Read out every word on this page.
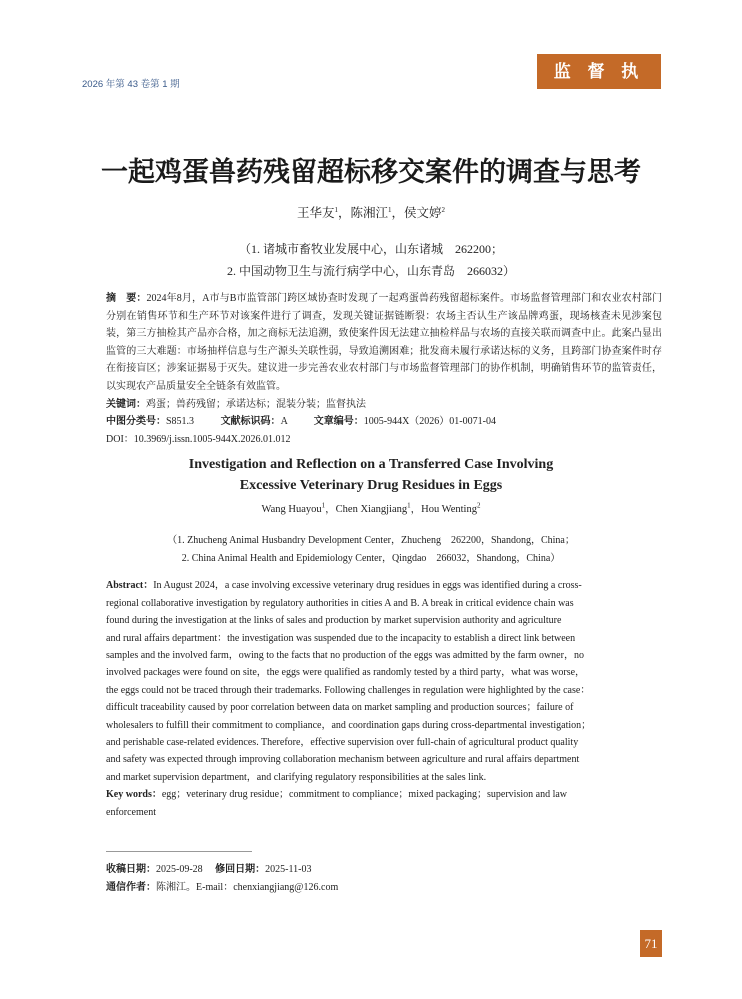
2026 年第 43 卷第 1 期
监 督 执 法
一起鸡蛋兽药残留超标移交案件的调查与思考
王华友$^1$，陈湘江$^1$，侯文婷$^2$
（1. 诸城市畜牧业发展中心，山东诸城　262200；
2. 中国动物卫生与流行病学中心，山东青岛　266032）
摘　要：2024年8月，A市与B市监管部门跨区域协查时发现了一起鸡蛋兽药残留超标案件。市场监督管理部门和农业农村部门分别在销售环节和生产环节对该案件进行了调查，发现关键证据链断裂：农场主否认生产该品牌鸡蛋，现场核查未见涉案包装，第三方抽检其产品亦合格，加之商标无法追溯，致使案件因无法建立抽检样品与农场的直接关联而调查中止。此案凸显出监管的三大难题：市场抽样信息与生产源头关联性弱，导致追溯困难；批发商未履行承诺达标的义务，且跨部门协查案件时存在衔接盲区；涉案证据易于灭失。建议进一步完善农业农村部门与市场监督管理部门的协作机制，明确销售环节的监管责任，以实现农产品质量安全全链条有效监管。
关键词：鸡蛋；兽药残留；承诺达标；混装分装；监督执法
中图分类号：S851.3	文献标识码：A	文章编号：1005-944X（2026）01-0071-04
DOI：10.3969/j.issn.1005-944X.2026.01.012
Investigation and Reflection on a Transferred Case Involving
Excessive Veterinary Drug Residues in Eggs
Wang Huayou$^1$，Chen Xiangjiang$^1$，Hou Wenting$^2$
（1. Zhucheng Animal Husbandry Development Center，Zhucheng　262200，Shandong，China；
2. China Animal Health and Epidemiology Center，Qingdao　266032，Shandong，China）
Abstract：In August 2024，a case involving excessive veterinary drug residues in eggs was identified during a cross-
regional collaborative investigation by regulatory authorities in cities A and B. A break in critical evidence chain was
found during the investigation at the links of sales and production by market supervision authority and agriculture
and rural affairs department：the investigation was suspended due to the incapacity to establish a direct link between
samples and the involved farm，owing to the facts that no production of the eggs was admitted by the farm owner，no
involved packages were found on site，the eggs were qualified as randomly tested by a third party，what was worse，
the eggs could not be traced through their trademarks. Following challenges in regulation were highlighted by the case：
difficult traceability caused by poor correlation between data on market sampling and production sources；failure of
wholesalers to fulfill their commitment to compliance，and coordination gaps during cross-departmental investigation；
and perishable case-related evidences. Therefore，effective supervision over full-chain of agricultural product quality
and safety was expected through improving collaboration mechanism between agriculture and rural affairs department
and market supervision department，and clarifying regulatory responsibilities at the sales link.
Key words：egg；veterinary drug residue；commitment to compliance；mixed packaging；supervision and law
enforcement
收稿日期：2025-09-28 修回日期：2025-11-03
通信作者：陈湘江。E-mail：chenxiangjiang@126.com
71
